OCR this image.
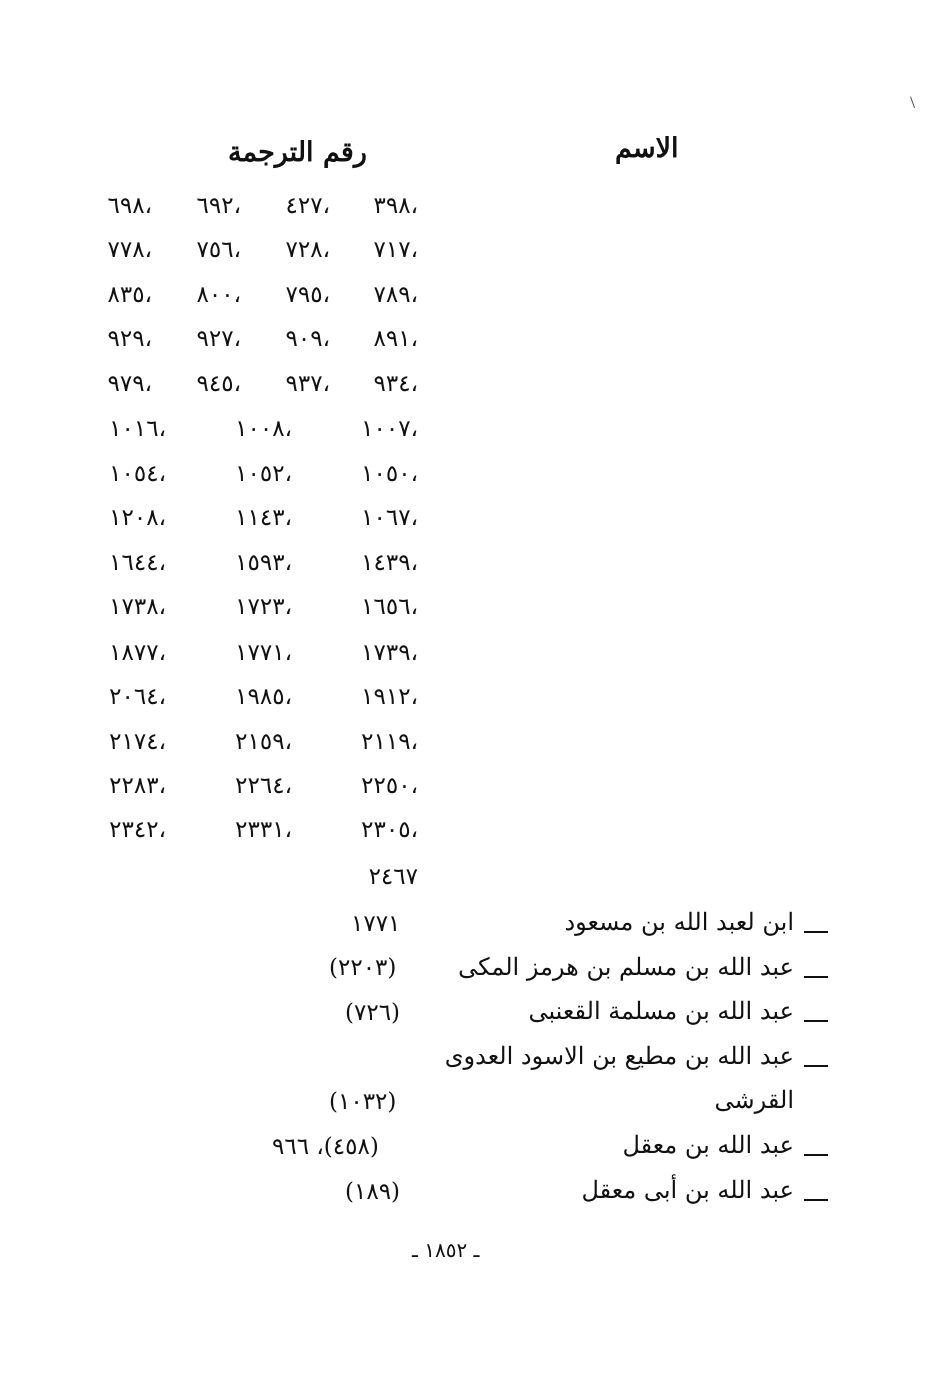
الاسم
رقم الترجمة
٣٩٨،
٤٢٧،
٦٩٢،
٦٩٨،
٧١٧،
٧٢٨،
٧٥٦،
٧٧٨،
٧٨٩،
٧٩٥،
٨٠٠،
٨٣٥،
٨٩١،
٩٠٩،
٩٢٧،
٩٢٩،
٩٣٤،
٩٣٧،
٩٤٥،
٩٧٩،
١٠٠٧،
١٠٠٨،
١٠١٦،
١٠٥٠،
١٠٥٢،
١٠٥٤،
١٠٦٧،
١١٤٣،
١٢٠٨،
١٤٣٩،
١٥٩٣،
١٦٤٤،
١٦٥٦،
١٧٢٣،
١٧٣٨،
١٧٣٩،
١٧٧١،
١٨٧٧،
١٩١٢،
١٩٨٥،
٢٠٦٤،
٢١١٩،
٢١٥٩،
٢١٧٤،
٢٢٥٠،
٢٢٦٤،
٢٢٨٣،
٢٣٠٥،
٢٣٣١،
٢٣٤٢،
٢٤٦٧
ابن لعبد الله بن مسعود
١٧٧١
عبد الله بن مسلم بن هرمز المكى
(٢٢٠٣)
عبد الله بن مسلمة القعنبى
(٧٢٦)
عبد الله بن مطيع بن الاسود العدوى
القرشى
(١٠٣٢)
عبد الله بن معقل
(٤٥٨)، ٩٦٦
عبد الله بن أبى معقل
(١٨٩)
ـ ١٨٥٢ ـ
